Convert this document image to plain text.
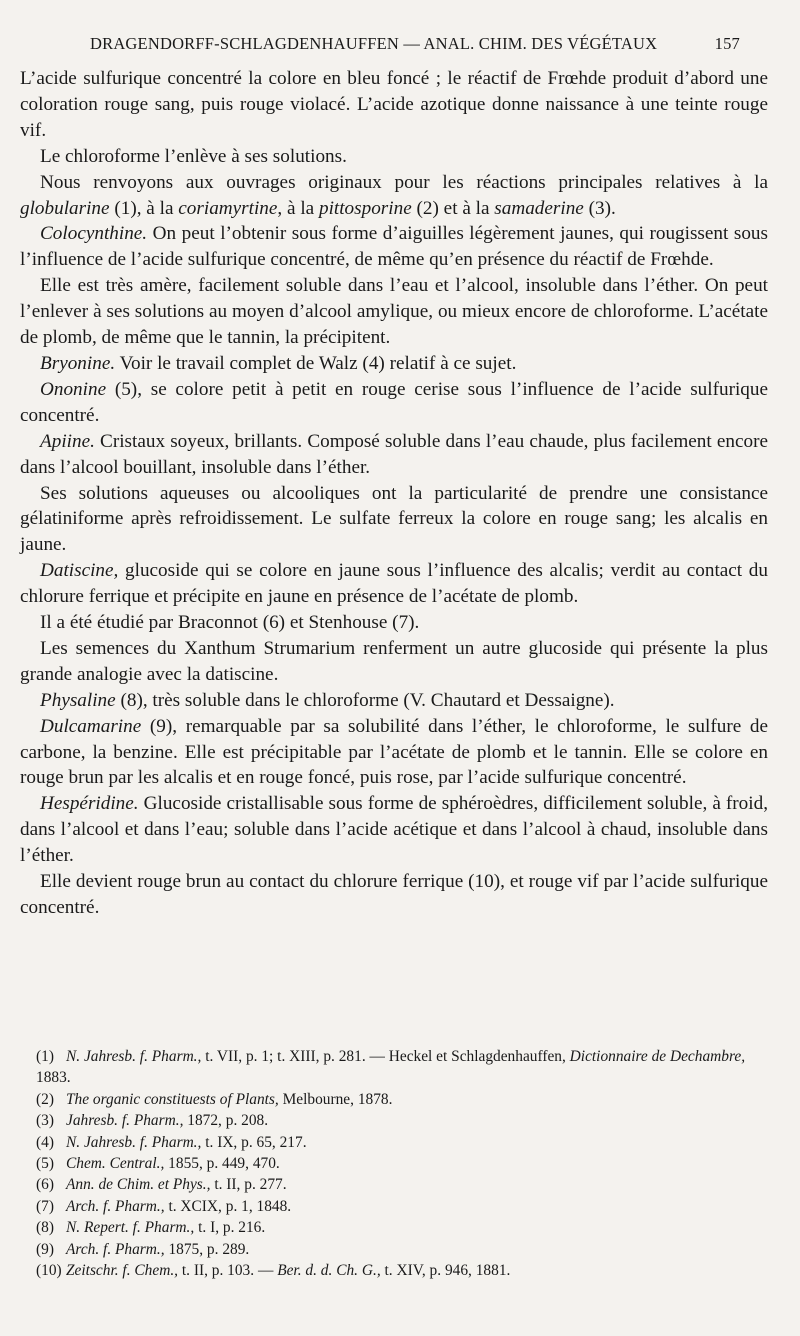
DRAGENDORFF-SCHLAGDENHAUFFEN — ANAL. CHIM. DES VÉGÉTAUX	157

L’acide sulfurique concentré la colore en bleu foncé ; le réactif de Frœhde produit d’abord une coloration rouge sang, puis rouge violacé. L’acide azotique donne naissance à une teinte rouge vif.

Le chloroforme l’enlève à ses solutions.

Nous renvoyons aux ouvrages originaux pour les réactions principales relatives à la globularine (1), à la coriamyrtine, à la pittosporine (2) et à la samaderine (3).

Colocynthine. On peut l’obtenir sous forme d’aiguilles légèrement jaunes, qui rougissent sous l’influence de l’acide sulfurique concentré, de même qu’en présence du réactif de Frœhde.

Elle est très amère, facilement soluble dans l’eau et l’alcool, insoluble dans l’éther. On peut l’enlever à ses solutions au moyen d’alcool amylique, ou mieux encore de chloroforme. L’acétate de plomb, de même que le tannin, la précipitent.

Bryonine. Voir le travail complet de Walz (4) relatif à ce sujet.

Ononine (5), se colore petit à petit en rouge cerise sous l’influence de l’acide sulfurique concentré.

Apiine. Cristaux soyeux, brillants. Composé soluble dans l’eau chaude, plus facilement encore dans l’alcool bouillant, insoluble dans l’éther.

Ses solutions aqueuses ou alcooliques ont la particularité de prendre une consistance gélatiniforme après refroidissement. Le sulfate ferreux la colore en rouge sang; les alcalis en jaune.

Datiscine, glucoside qui se colore en jaune sous l’influence des alcalis; verdit au contact du chlorure ferrique et précipite en jaune en présence de l’acétate de plomb.

Il a été étudié par Braconnot (6) et Stenhouse (7).

Les semences du Xanthum Strumarium renferment un autre glucoside qui présente la plus grande analogie avec la datiscine.

Physaline (8), très soluble dans le chloroforme (V. Chautard et Dessaigne).

Dulcamarine (9), remarquable par sa solubilité dans l’éther, le chloroforme, le sulfure de carbone, la benzine. Elle est précipitable par l’acétate de plomb et le tannin. Elle se colore en rouge brun par les alcalis et en rouge foncé, puis rose, par l’acide sulfurique concentré.

Hespéridine. Glucoside cristallisable sous forme de sphéroèdres, difficilement soluble, à froid, dans l’alcool et dans l’eau; soluble dans l’acide acétique et dans l’alcool à chaud, insoluble dans l’éther.

Elle devient rouge brun au contact du chlorure ferrique (10), et rouge vif par l’acide sulfurique concentré.

(1) N. Jahresb. f. Pharm., t. VII, p. 1; t. XIII, p. 281. — Heckel et Schlagdenhauffen, Dictionnaire de Dechambre, 1883.

(2) The organic constituests of Plants, Melbourne, 1878.

(3) Jahresb. f. Pharm., 1872, p. 208.

(4) N. Jahresb. f. Pharm., t. IX, p. 65, 217.

(5) Chem. Central., 1855, p. 449, 470.

(6) Ann. de Chim. et Phys., t. II, p. 277.

(7) Arch. f. Pharm., t. XCIX, p. 1, 1848.

(8) N. Repert. f. Pharm., t. I, p. 216.

(9) Arch. f. Pharm., 1875, p. 289.

(10) Zeitschr. f. Chem., t. II, p. 103. — Ber. d. d. Ch. G., t. XIV, p. 946, 1881.
